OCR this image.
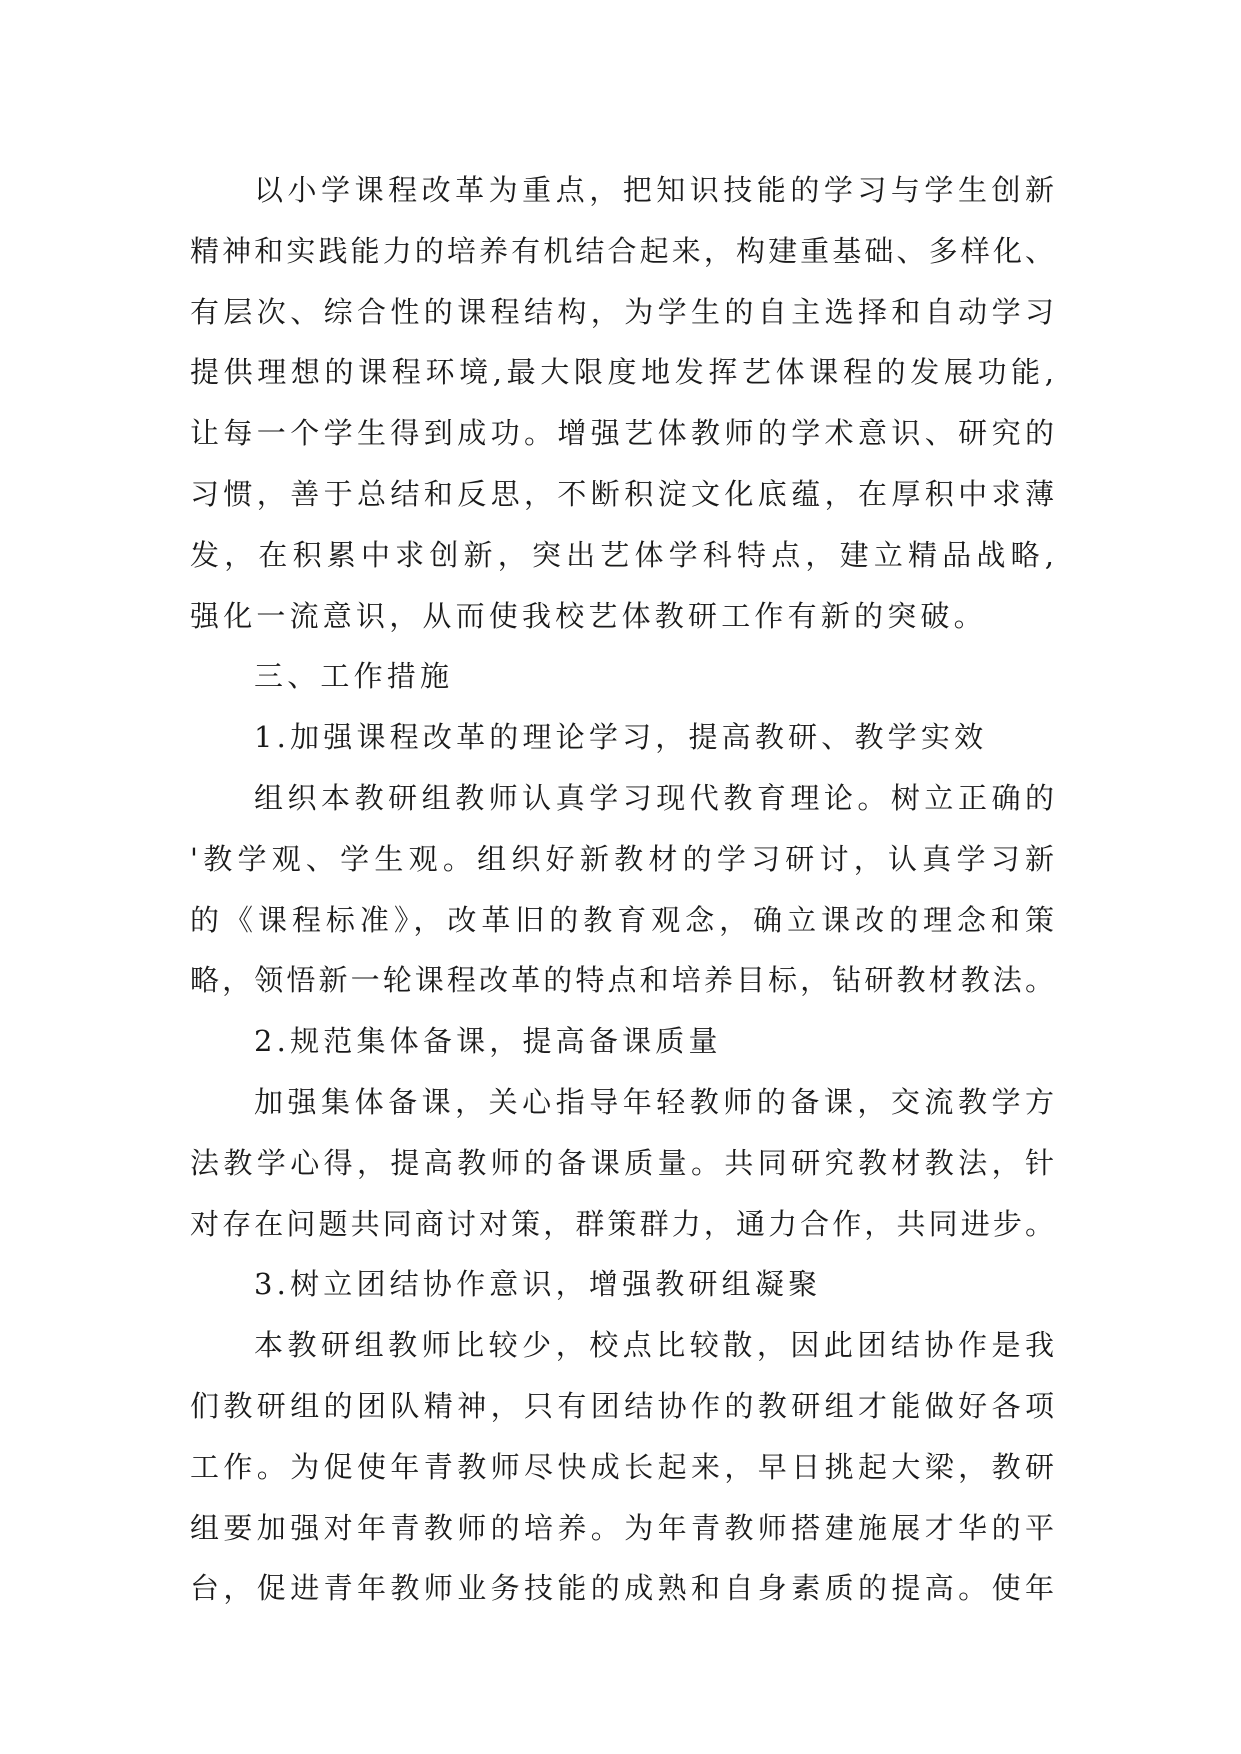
以小学课程改革为重点，把知识技能的学习与学生创新
精神和实践能力的培养有机结合起来，构建重基础、多样化、
有层次、综合性的课程结构，为学生的自主选择和自动学习
提供理想的课程环境,最大限度地发挥艺体课程的发展功能,
让每一个学生得到成功。增强艺体教师的学术意识、研究的
习惯，善于总结和反思，不断积淀文化底蕴，在厚积中求薄
发，在积累中求创新，突出艺体学科特点，建立精品战略,
强化一流意识，从而使我校艺体教研工作有新的突破。
三、工作措施
1.加强课程改革的理论学习，提高教研、教学实效
组织本教研组教师认真学习现代教育理论。树立正确的
'教学观、学生观。组织好新教材的学习研讨，认真学习新
的《课程标准》，改革旧的教育观念，确立课改的理念和策
略，领悟新一轮课程改革的特点和培养目标，钻研教材教法。
2.规范集体备课，提高备课质量
加强集体备课，关心指导年轻教师的备课，交流教学方
法教学心得，提高教师的备课质量。共同研究教材教法，针
对存在问题共同商讨对策，群策群力，通力合作，共同进步。
3.树立团结协作意识，增强教研组凝聚
本教研组教师比较少，校点比较散，因此团结协作是我
们教研组的团队精神，只有团结协作的教研组才能做好各项
工作。为促使年青教师尽快成长起来，早日挑起大梁，教研
组要加强对年青教师的培养。为年青教师搭建施展才华的平
台，促进青年教师业务技能的成熟和自身素质的提高。使年
